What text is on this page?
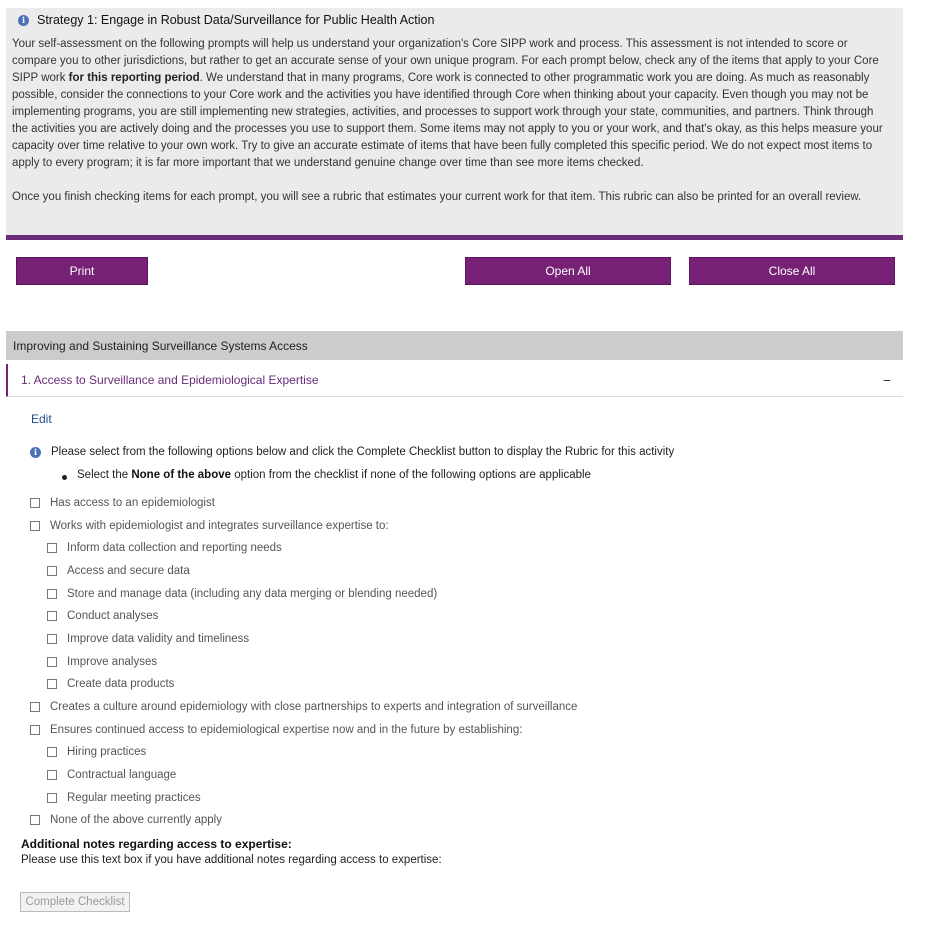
i Strategy 1: Engage in Robust Data/Surveillance for Public Health Action

Your self-assessment on the following prompts will help us understand your organization's Core SIPP work and process. This assessment is not intended to score or compare you to other jurisdictions, but rather to get an accurate sense of your own unique program. For each prompt below, check any of the items that apply to your Core SIPP work for this reporting period. We understand that in many programs, Core work is connected to other programmatic work you are doing. As much as reasonably possible, consider the connections to your Core work and the activities you have identified through Core when thinking about your capacity. Even though you may not be implementing programs, you are still implementing new strategies, activities, and processes to support work through your state, communities, and partners. Think through the activities you are actively doing and the processes you use to support them. Some items may not apply to you or your work, and that's okay, as this helps measure your capacity over time relative to your own work. Try to give an accurate estimate of items that have been fully completed this specific period. We do not expect most items to apply to every program; it is far more important that we understand genuine change over time than see more items checked.

Once you finish checking items for each prompt, you will see a rubric that estimates your current work for that item. This rubric can also be printed for an overall review.

Print	Open All	Close All
Improving and Sustaining Surveillance Systems Access
1. Access to Surveillance and Epidemiological Expertise	−
Edit
i	Please select from the following options below and click the Complete Checklist button to display the Rubric for this activity
Select the None of the above option from the checklist if none of the following options are applicable
Has access to an epidemiologist
Works with epidemiologist and integrates surveillance expertise to:
Inform data collection and reporting needs
Access and secure data
Store and manage data (including any data merging or blending needed)
Conduct analyses
Improve data validity and timeliness
Improve analyses
Create data products
Creates a culture around epidemiology with close partnerships to experts and integration of surveillance
Ensures continued access to epidemiological expertise now and in the future by establishing:
Hiring practices
Contractual language
Regular meeting practices
None of the above currently apply
Additional notes regarding access to expertise:
Please use this text box if you have additional notes regarding access to expertise:
Complete Checklist
